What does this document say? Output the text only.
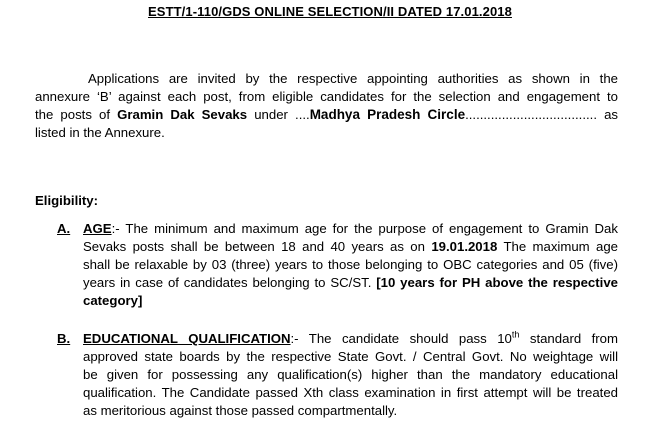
ESTT/1-110/GDS ONLINE SELECTION/II DATED 17.01.2018
Applications are invited by the respective appointing authorities as shown in the
annexure ‘B’ against each post, from eligible candidates for the selection and engagement to
the posts of Gramin Dak Sevaks under ....Madhya Pradesh Circle.................................... as
listed in the Annexure.
Eligibility:
A. AGE:- The minimum and maximum age for the purpose of engagement to Gramin Dak
Sevaks posts shall be between 18 and 40 years as on 19.01.2018 The maximum age
shall be relaxable by 03 (three) years to those belonging to OBC categories and 05 (five)
years in case of candidates belonging to SC/ST. [10 years for PH above the respective
category]
B. EDUCATIONAL QUALIFICATION:- The candidate should pass 10th standard from
approved state boards by the respective State Govt. / Central Govt. No weightage will
be given for possessing any qualification(s) higher than the mandatory educational
qualification. The Candidate passed Xth class examination in first attempt will be treated
as meritorious against those passed compartmentally.
